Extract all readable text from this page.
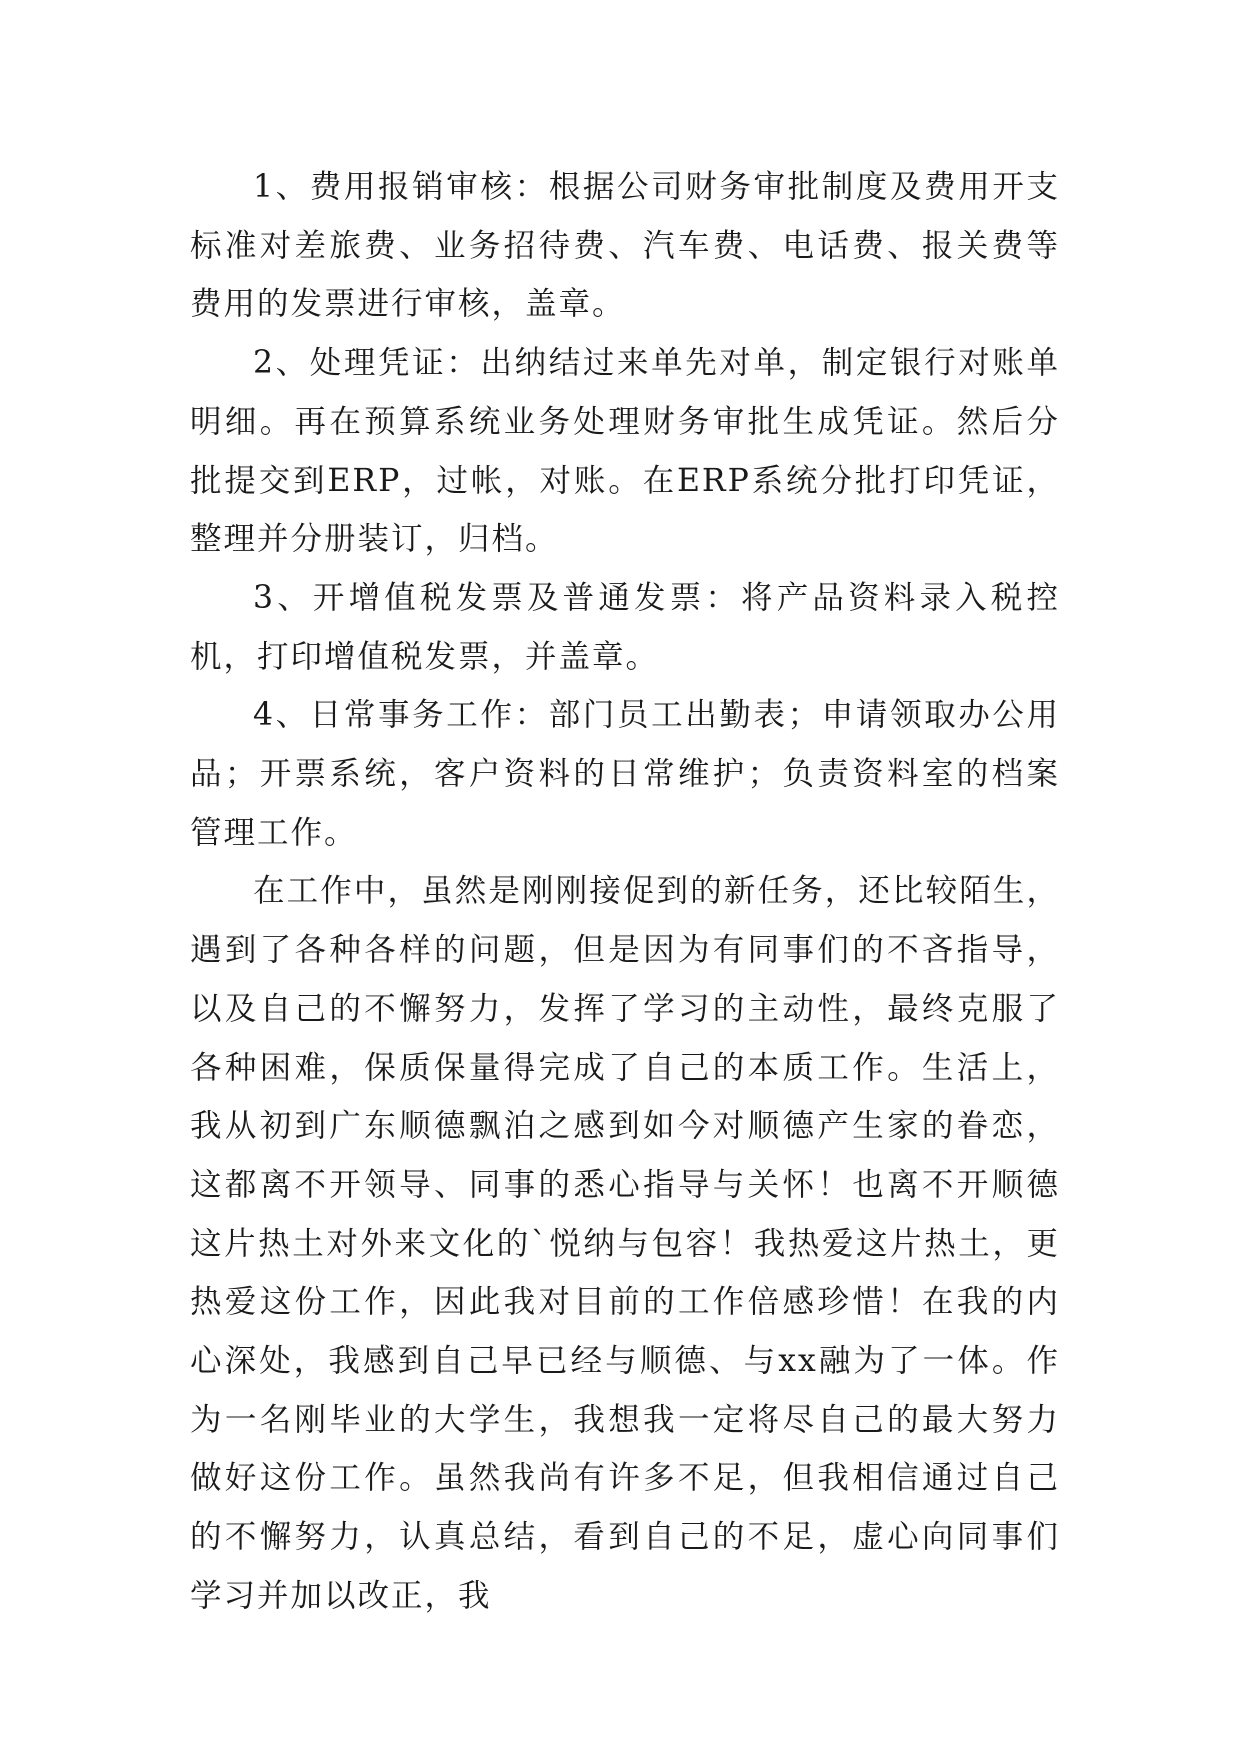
1、费用报销审核：根据公司财务审批制度及费用开支标准对差旅费、业务招待费、汽车费、电话费、报关费等费用的发票进行审核，盖章。

2、处理凭证：出纳结过来单先对单，制定银行对账单明细。再在预算系统业务处理财务审批生成凭证。然后分批提交到ERP，过帐，对账。在ERP系统分批打印凭证，整理并分册装订，归档。

3、开增值税发票及普通发票：将产品资料录入税控机，打印增值税发票，并盖章。

4、日常事务工作：部门员工出勤表；申请领取办公用品；开票系统，客户资料的日常维护；负责资料室的档案管理工作。

在工作中，虽然是刚刚接促到的新任务，还比较陌生，遇到了各种各样的问题，但是因为有同事们的不吝指导，以及自己的不懈努力，发挥了学习的主动性，最终克服了各种困难，保质保量得完成了自己的本质工作。生活上，我从初到广东顺德飘泊之感到如今对顺德产生家的眷恋，这都离不开领导、同事的悉心指导与关怀！也离不开顺德这片热土对外来文化的`悦纳与包容！我热爱这片热土，更热爱这份工作，因此我对目前的工作倍感珍惜！在我的内心深处，我感到自己早已经与顺德、与xx融为了一体。作为一名刚毕业的大学生，我想我一定将尽自己的最大努力做好这份工作。虽然我尚有许多不足，但我相信通过自己的不懈努力，认真总结，看到自己的不足，虚心向同事们学习并加以改正，我
